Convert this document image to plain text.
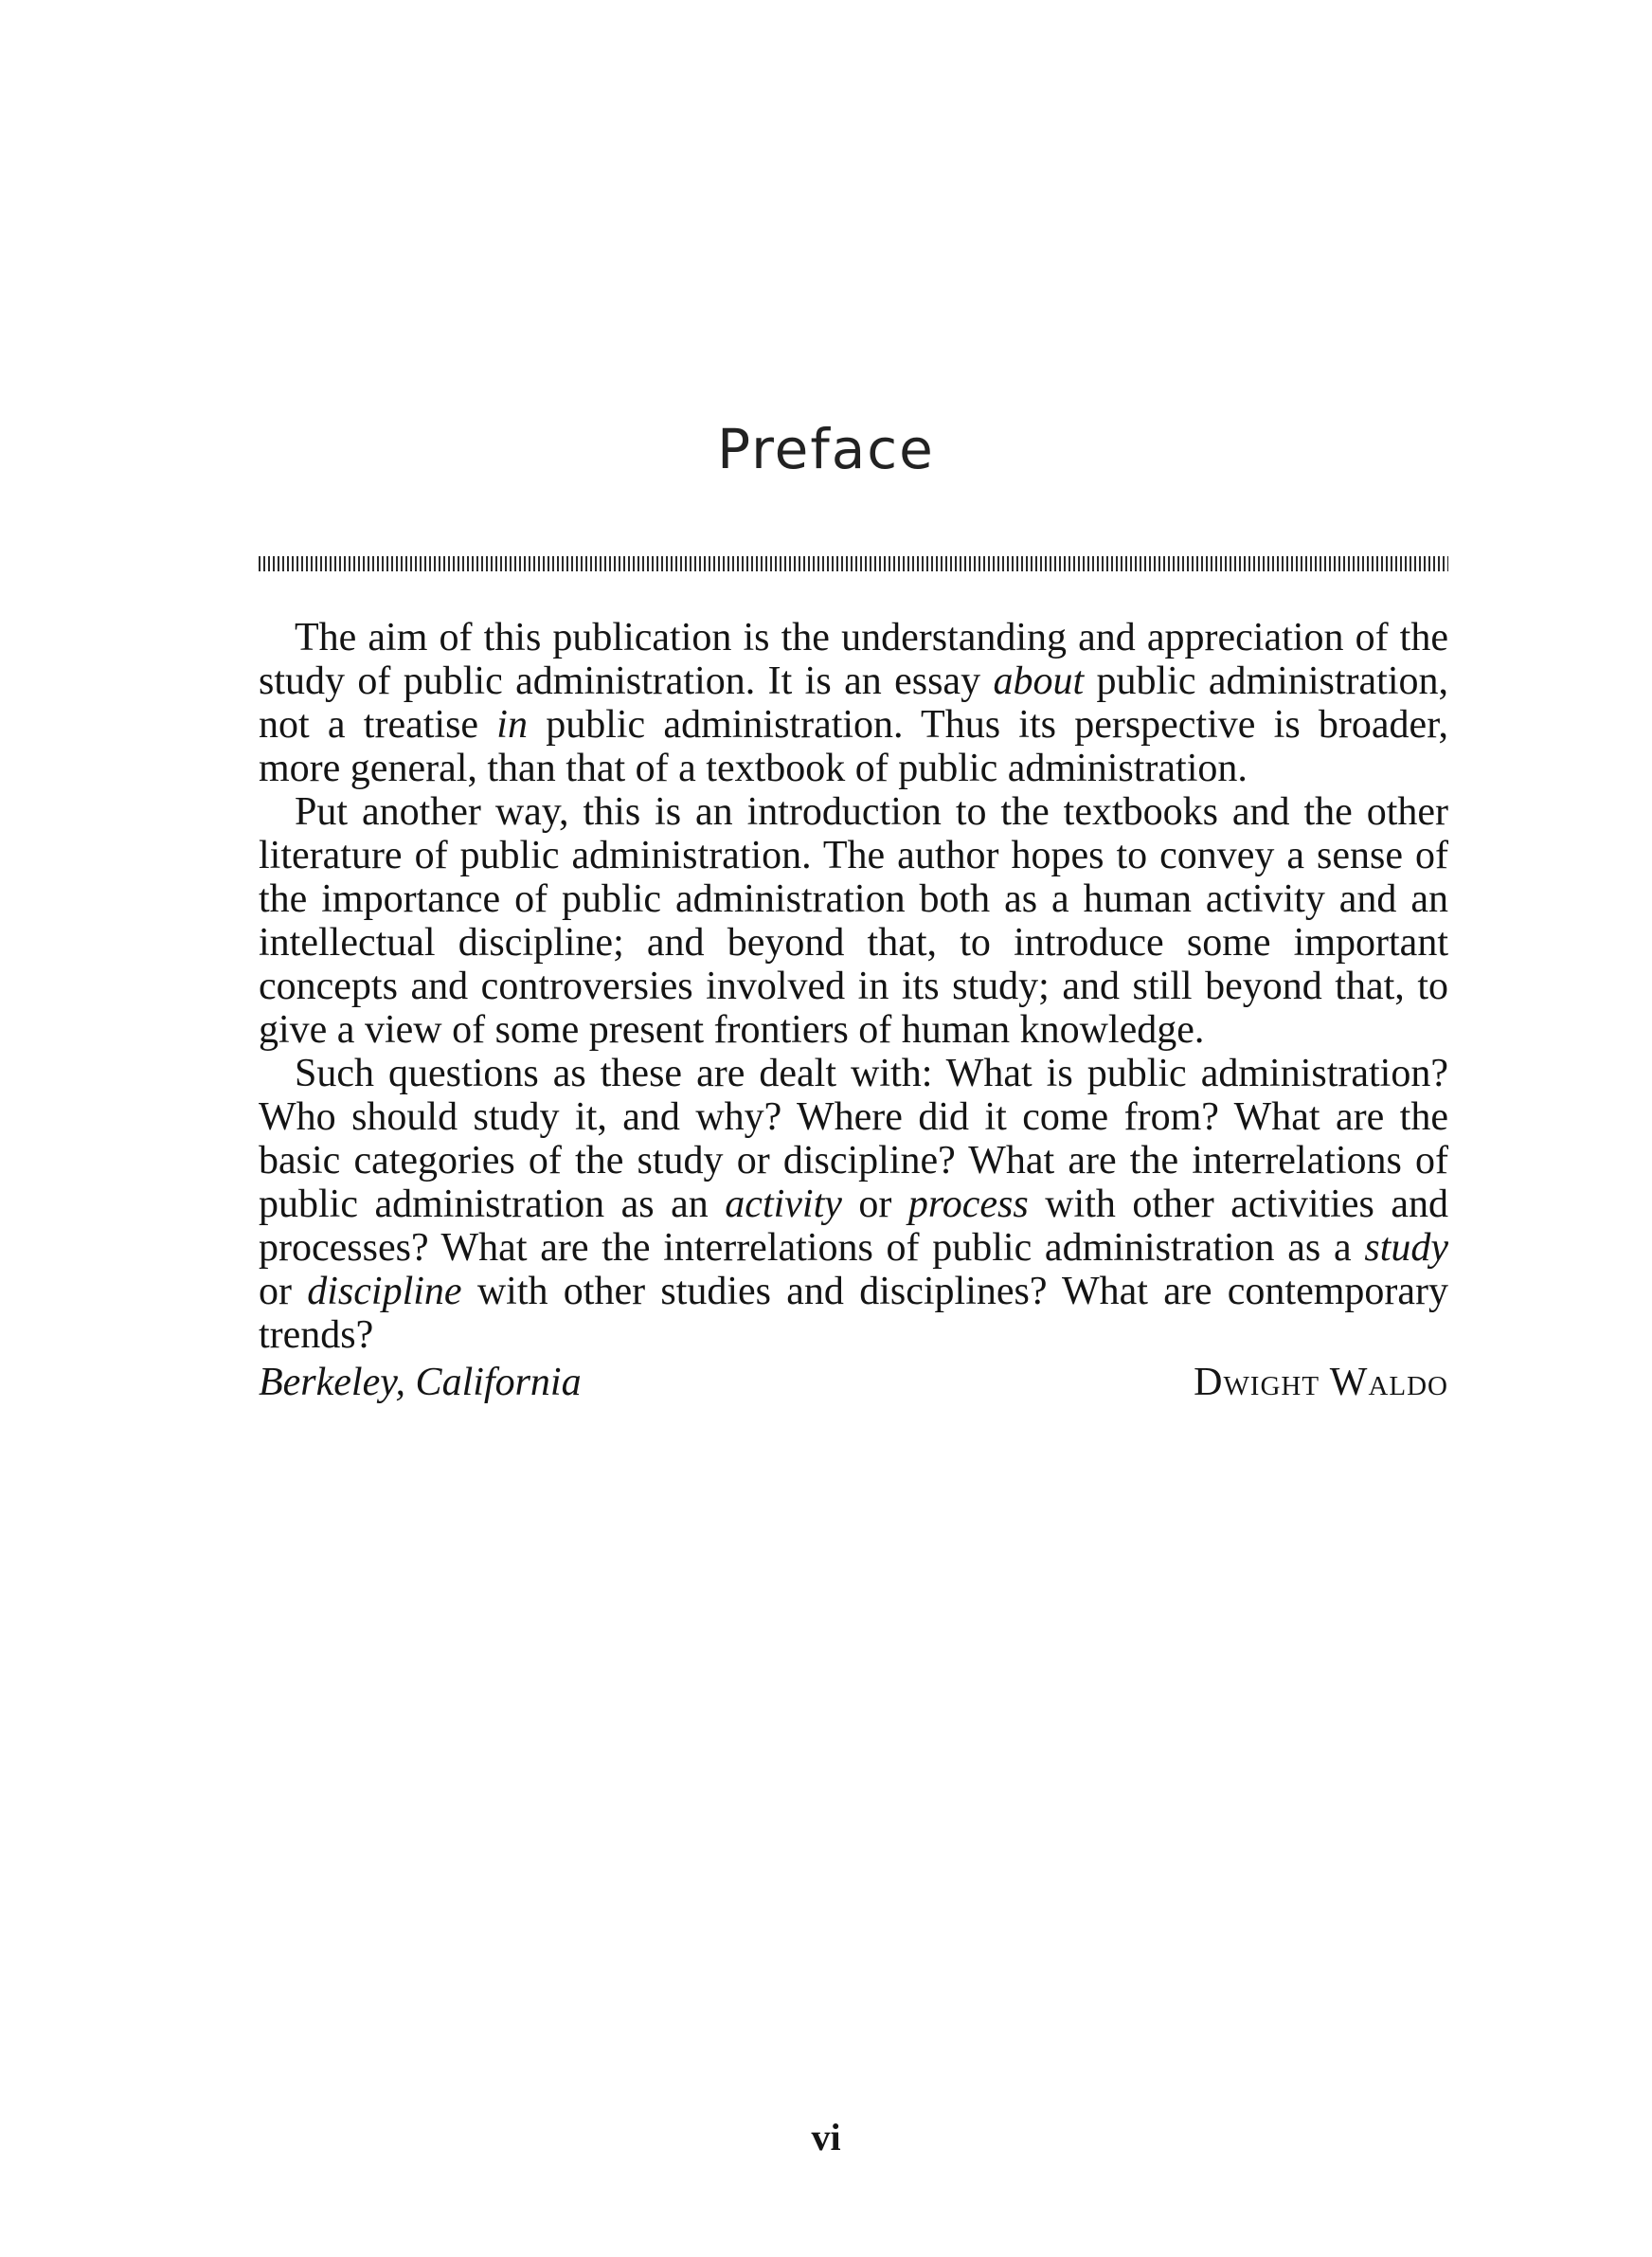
Preface

The aim of this publication is the understanding and appreciation of the study of public administration. It is an essay about public administration, not a treatise in public administration. Thus its perspective is broader, more general, than that of a textbook of public administration.

Put another way, this is an introduction to the textbooks and the other literature of public administration. The author hopes to convey a sense of the importance of public administration both as a human activity and an intellectual discipline; and beyond that, to introduce some important concepts and controversies involved in its study; and still beyond that, to give a view of some present frontiers of human knowledge.

Such questions as these are dealt with: What is public administration? Who should study it, and why? Where did it come from? What are the basic categories of the study or discipline? What are the interrelations of public administration as an activity or process with other activities and processes? What are the interrelations of public administration as a study or discipline with other studies and disciplines? What are contemporary trends?

Berkeley, California	Dwight Waldo
vi
